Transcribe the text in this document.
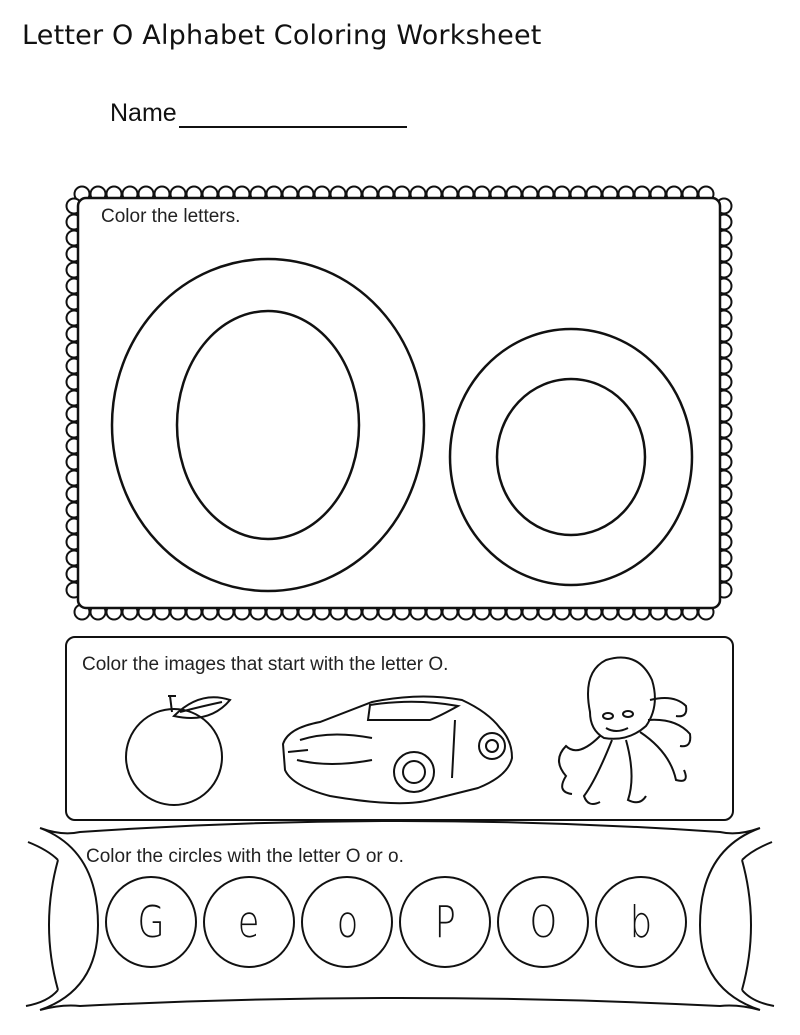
Letter O Alphabet Coloring Worksheet
Name
Color the letters.
Color the images that start with the letter O.
Color the circles with the letter O or o.
G e o P O b
